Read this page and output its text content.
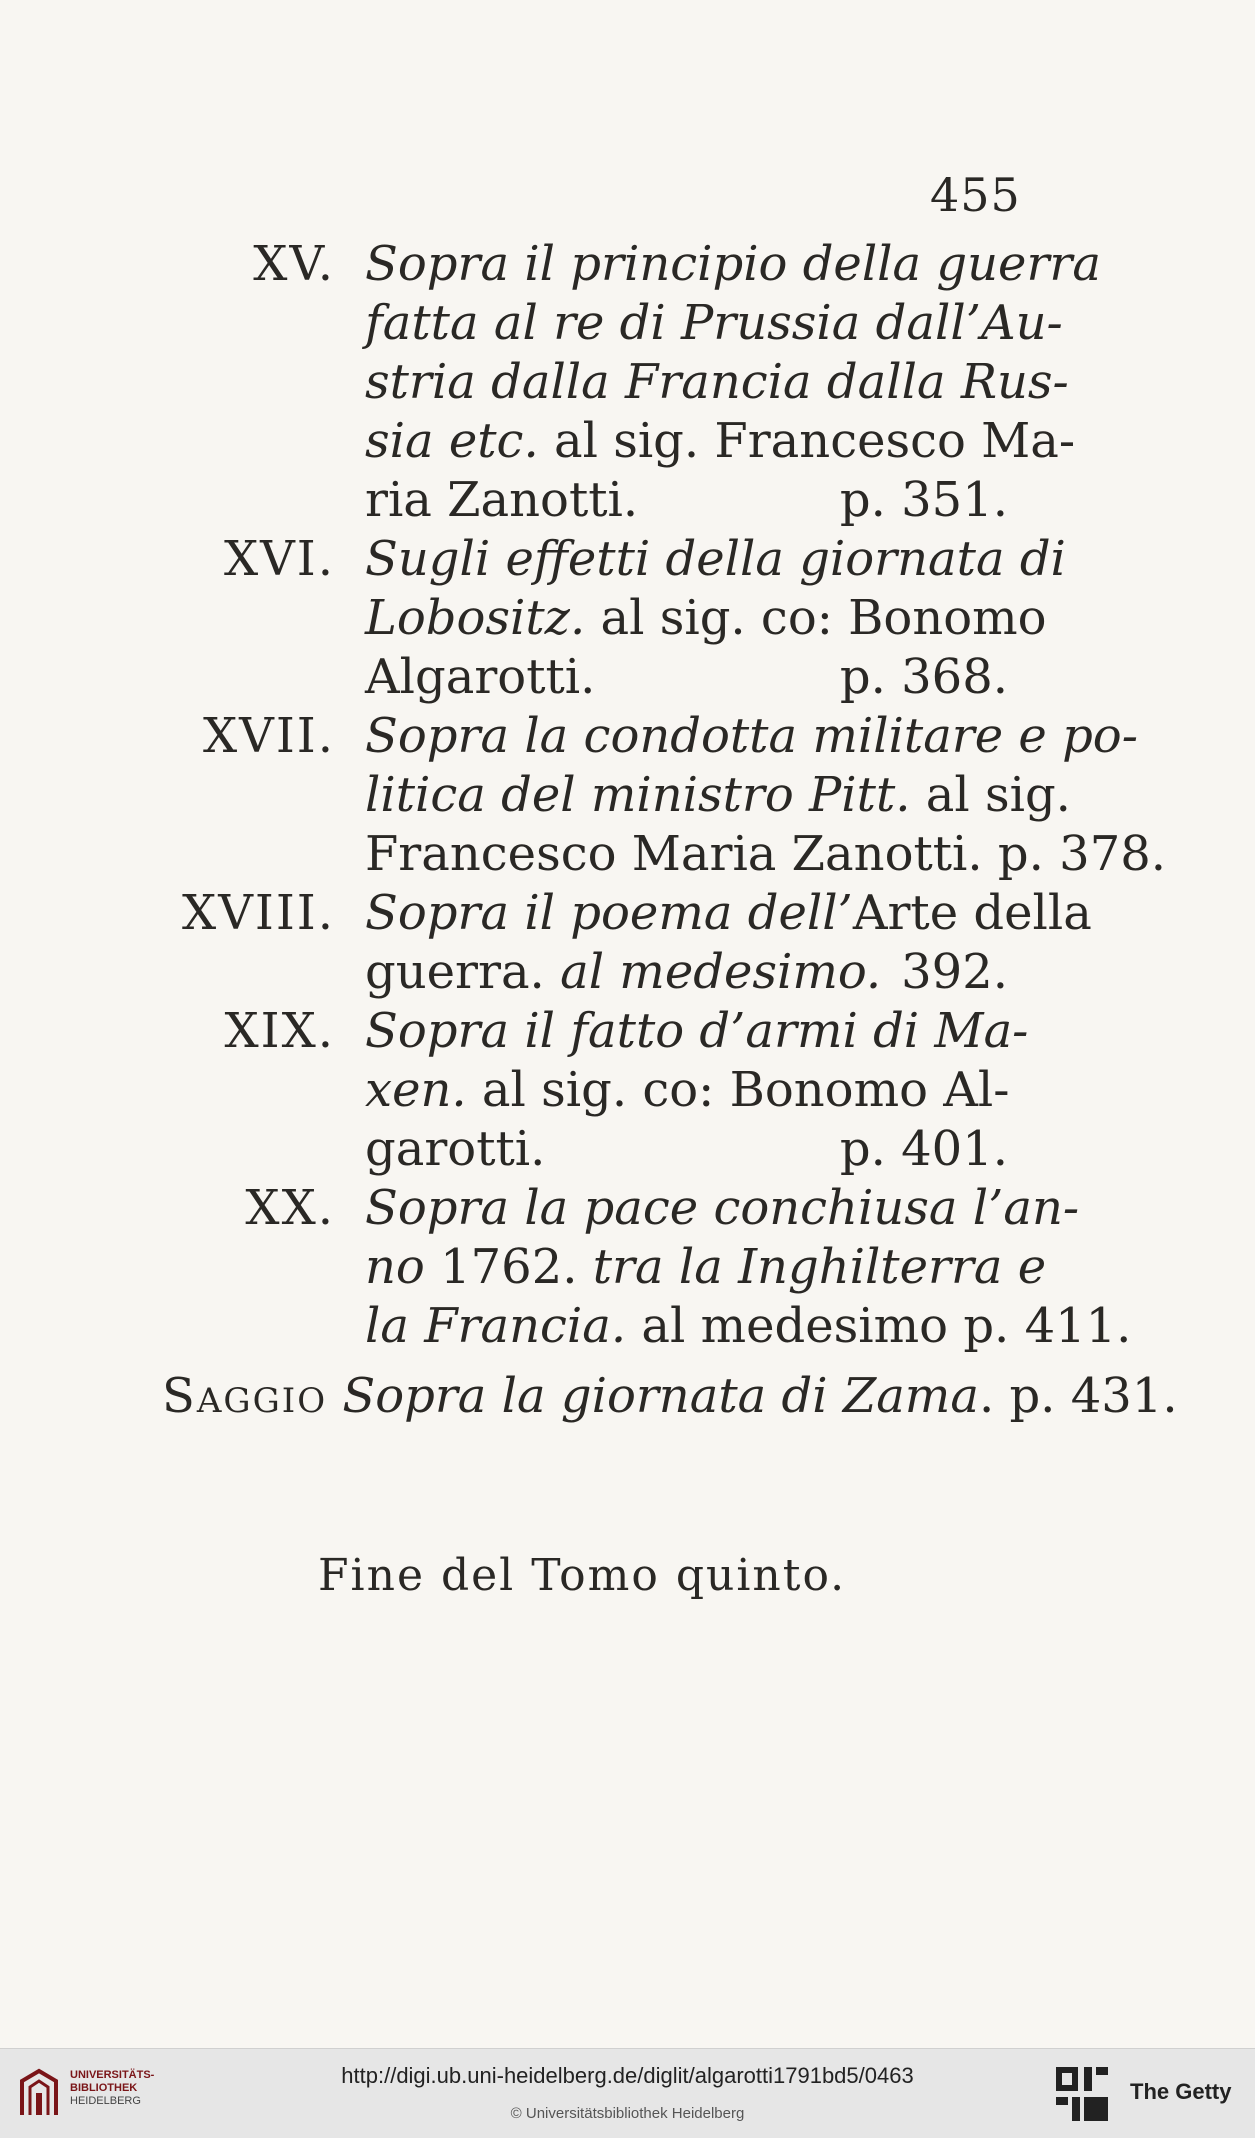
455
XV. Sopra il principio della guerra
fatta al re di Prussia dall’Au-
stria dalla Francia dalla Rus-
sia etc. al sig. Francesco Ma-
ria Zanotti.	p. 351.
XVI. Sugli effetti della giornata di
Lobositz. al sig. co: Bonomo
Algarotti.	p. 368.
XVII. Sopra la condotta militare e po-
litica del ministro Pitt. al sig.
Francesco Maria Zanotti. p. 378.
XVIII. Sopra il poema dell’Arte della
guerra. al medesimo. 392.
XIX. Sopra il fatto d’armi di Ma-
xen. al sig. co: Bonomo Al-
garotti.	p. 401.
XX. Sopra la pace conchiusa l’an-
no 1762. tra la Inghilterra e
la Francia. al medesimo p. 411.
Saggio Sopra la giornata di Zama. p. 431.
Fine del Tomo quinto.
UNIVERSITÄTS-
BIBLIOTHEK
HEIDELBERG
http://digi.ub.uni-heidelberg.de/diglit/algarotti1791bd5/0463
© Universitätsbibliothek Heidelberg
The Getty
